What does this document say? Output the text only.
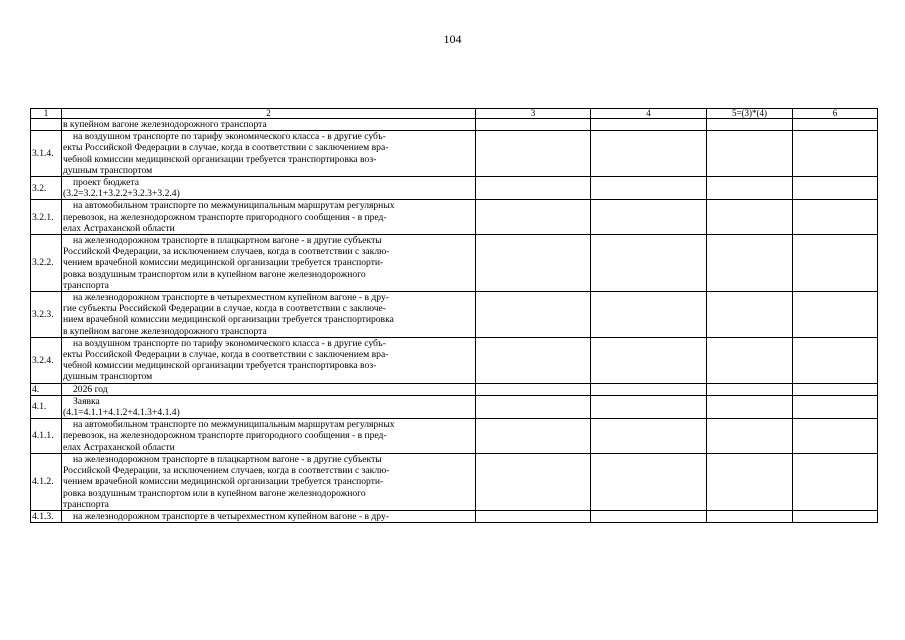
104
1	2	3	4	5=(3)*(4)	6

	в купейном вагоне железнодорожного транспорта				

3.1.4.	на воздушном транспорте по тарифу экономического класса - в другие субъ-
екты Российской Федерации в случае, когда в соответствии с заключением вра-
чебной комиссии медицинской организации требуется транспортировка воз-
душным транспортом				

3.2.	проект бюджета
(3.2=3.2.1+3.2.2+3.2.3+3.2.4)				

3.2.1.	на автомобильном транспорте по межмуниципальным маршрутам регулярных
перевозок, на железнодорожном транспорте пригородного сообщения - в пред-
елах Астраханской области				

3.2.2.	на железнодорожном транспорте в плацкартном вагоне - в другие субъекты
Российской Федерации, за исключением случаев, когда в соответствии с заклю-
чением врачебной комиссии медицинской организации требуется транспорти-
ровка воздушным транспортом или в купейном вагоне железнодорожного
транспорта				

3.2.3.	на железнодорожном транспорте в четырехместном купейном вагоне - в дру-
гие субъекты Российской Федерации в случае, когда в соответствии с заключе-
нием врачебной комиссии медицинской организации требуется транспортировка
в купейном вагоне железнодорожного транспорта				

3.2.4.	на воздушном транспорте по тарифу экономического класса - в другие субъ-
екты Российской Федерации в случае, когда в соответствии с заключением вра-
чебной комиссии медицинской организации требуется транспортировка воз-
душным транспортом				

4.	2026 год				

4.1.	Заявка
(4.1=4.1.1+4.1.2+4.1.3+4.1.4)				

4.1.1.	на автомобильном транспорте по межмуниципальным маршрутам регулярных
перевозок, на железнодорожном транспорте пригородного сообщения - в пред-
елах Астраханской области				

4.1.2.	на железнодорожном транспорте в плацкартном вагоне - в другие субъекты
Российской Федерации, за исключением случаев, когда в соответствии с заклю-
чением врачебной комиссии медицинской организации требуется транспорти-
ровка воздушным транспортом или в купейном вагоне железнодорожного
транспорта				

4.1.3.	на железнодорожном транспорте в четырехместном купейном вагоне - в дру-				
